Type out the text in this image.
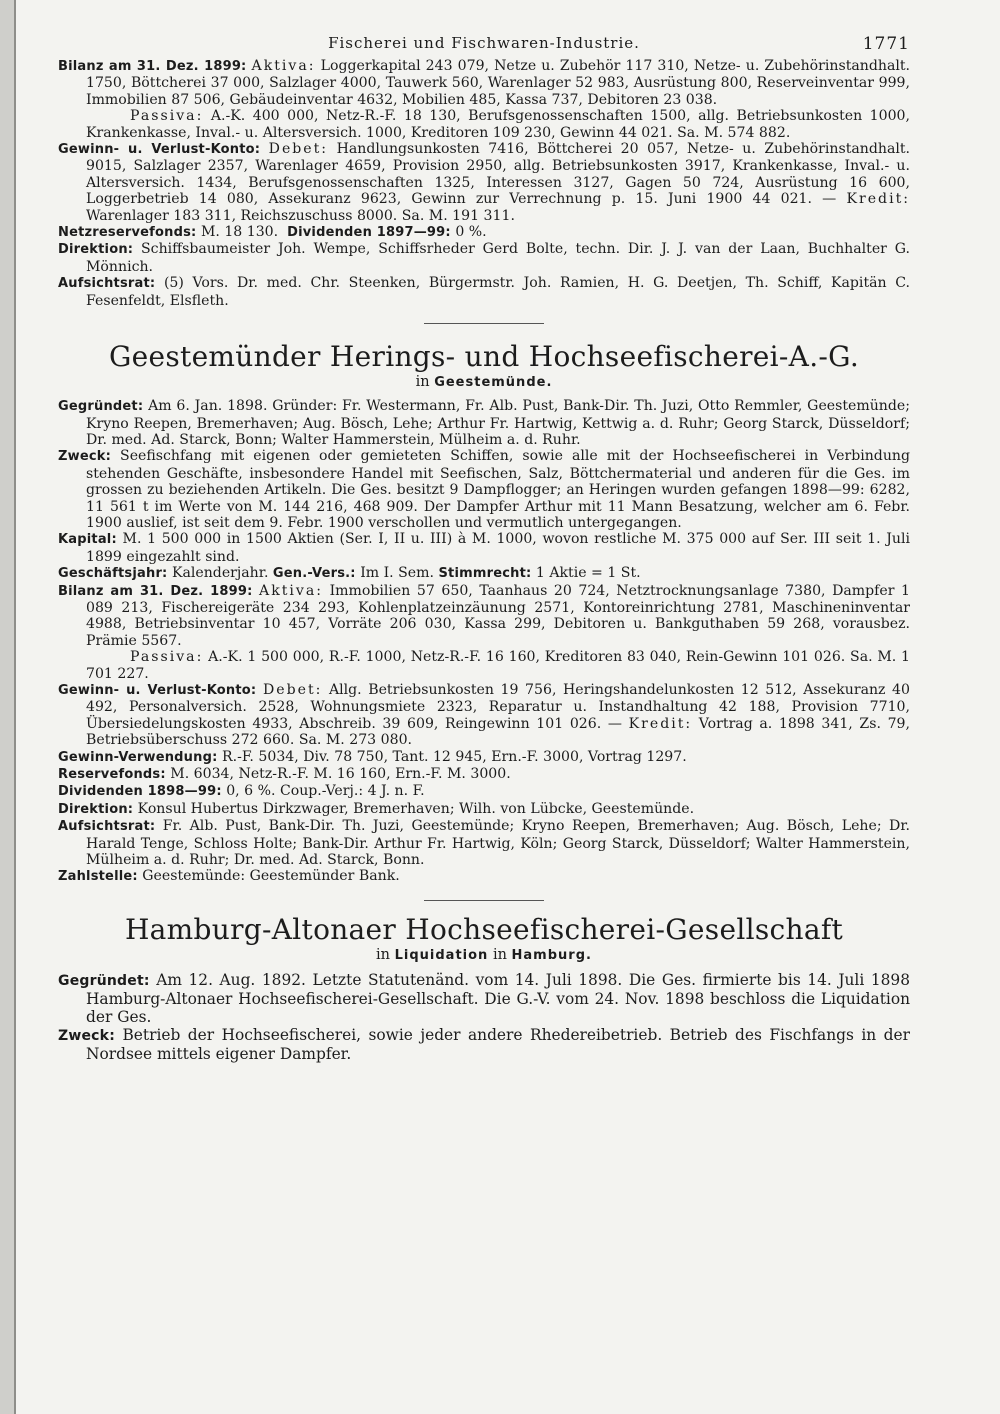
Fischerei und Fischwaren-Industrie.	1771

Bilanz am 31. Dez. 1899: Aktiva: Loggerkapital 243 079, Netze u. Zubehör 117 310, Netze- u. Zubehörinstandhalt. 1750, Böttcherei 37 000, Salzlager 4000, Tauwerk 560, Warenlager 52 983, Ausrüstung 800, Reserveinventar 999, Immobilien 87 506, Gebäudeinventar 4632, Mobilien 485, Kassa 737, Debitoren 23 038.

Passiva: A.-K. 400 000, Netz-R.-F. 18 130, Berufsgenossenschaften 1500, allg. Betriebsunkosten 1000, Krankenkasse, Inval.- u. Altersversich. 1000, Kreditoren 109 230, Gewinn 44 021. Sa. M. 574 882.

Gewinn- u. Verlust-Konto: Debet: Handlungsunkosten 7416, Böttcherei 20 057, Netze- u. Zubehörinstandhalt. 9015, Salzlager 2357, Warenlager 4659, Provision 2950, allg. Betriebsunkosten 3917, Krankenkasse, Inval.- u. Altersversich. 1434, Berufsgenossenschaften 1325, Interessen 3127, Gagen 50 724, Ausrüstung 16 600, Loggerbetrieb 14 080, Assekuranz 9623, Gewinn zur Verrechnung p. 15. Juni 1900 44 021. — Kredit: Warenlager 183 311, Reichszuschuss 8000. Sa. M. 191 311.

Netzreservefonds: M. 18 130. Dividenden 1897—99: 0 %.

Direktion: Schiffsbaumeister Joh. Wempe, Schiffsrheder Gerd Bolte, techn. Dir. J. J. van der Laan, Buchhalter G. Mönnich.

Aufsichtsrat: (5) Vors. Dr. med. Chr. Steenken, Bürgermstr. Joh. Ramien, H. G. Deetjen, Th. Schiff, Kapitän C. Fesenfeldt, Elsfleth.

Geestemünder Herings- und Hochseefischerei-A.-G.

in Geestemünde.

Gegründet: Am 6. Jan. 1898. Gründer: Fr. Westermann, Fr. Alb. Pust, Bank-Dir. Th. Juzi, Otto Remmler, Geestemünde; Kryno Reepen, Bremerhaven; Aug. Bösch, Lehe; Arthur Fr. Hartwig, Kettwig a. d. Ruhr; Georg Starck, Düsseldorf; Dr. med. Ad. Starck, Bonn; Walter Hammerstein, Mülheim a. d. Ruhr.

Zweck: Seefischfang mit eigenen oder gemieteten Schiffen, sowie alle mit der Hochseefischerei in Verbindung stehenden Geschäfte, insbesondere Handel mit Seefischen, Salz, Böttchermaterial und anderen für die Ges. im grossen zu beziehenden Artikeln. Die Ges. besitzt 9 Dampflogger; an Heringen wurden gefangen 1898—99: 6282, 11 561 t im Werte von M. 144 216, 468 909. Der Dampfer Arthur mit 11 Mann Besatzung, welcher am 6. Febr. 1900 auslief, ist seit dem 9. Febr. 1900 verschollen und vermutlich untergegangen.

Kapital: M. 1 500 000 in 1500 Aktien (Ser. I, II u. III) à M. 1000, wovon restliche M. 375 000 auf Ser. III seit 1. Juli 1899 eingezahlt sind.

Geschäftsjahr: Kalenderjahr. Gen.-Vers.: Im I. Sem. Stimmrecht: 1 Aktie = 1 St.

Bilanz am 31. Dez. 1899: Aktiva: Immobilien 57 650, Taanhaus 20 724, Netztrocknungsanlage 7380, Dampfer 1 089 213, Fischereigeräte 234 293, Kohlenplatzeinzäunung 2571, Kontoreinrichtung 2781, Maschineninventar 4988, Betriebsinventar 10 457, Vorräte 206 030, Kassa 299, Debitoren u. Bankguthaben 59 268, vorausbez. Prämie 5567.

Passiva: A.-K. 1 500 000, R.-F. 1000, Netz-R.-F. 16 160, Kreditoren 83 040, Rein-Gewinn 101 026. Sa. M. 1 701 227.

Gewinn- u. Verlust-Konto: Debet: Allg. Betriebsunkosten 19 756, Heringshandelunkosten 12 512, Assekuranz 40 492, Personalversich. 2528, Wohnungsmiete 2323, Reparatur u. Instandhaltung 42 188, Provision 7710, Übersiedelungskosten 4933, Abschreib. 39 609, Reingewinn 101 026. — Kredit: Vortrag a. 1898 341, Zs. 79, Betriebsüberschuss 272 660. Sa. M. 273 080.

Gewinn-Verwendung: R.-F. 5034, Div. 78 750, Tant. 12 945, Ern.-F. 3000, Vortrag 1297.

Reservefonds: M. 6034, Netz-R.-F. M. 16 160, Ern.-F. M. 3000.

Dividenden 1898—99: 0, 6 %. Coup.-Verj.: 4 J. n. F.

Direktion: Konsul Hubertus Dirkzwager, Bremerhaven; Wilh. von Lübcke, Geestemünde.

Aufsichtsrat: Fr. Alb. Pust, Bank-Dir. Th. Juzi, Geestemünde; Kryno Reepen, Bremerhaven; Aug. Bösch, Lehe; Dr. Harald Tenge, Schloss Holte; Bank-Dir. Arthur Fr. Hartwig, Köln; Georg Starck, Düsseldorf; Walter Hammerstein, Mülheim a. d. Ruhr; Dr. med. Ad. Starck, Bonn.

Zahlstelle: Geestemünde: Geestemünder Bank.

Hamburg-Altonaer Hochseefischerei-Gesellschaft

in Liquidation in Hamburg.

Gegründet: Am 12. Aug. 1892. Letzte Statutenänd. vom 14. Juli 1898. Die Ges. firmierte bis 14. Juli 1898 Hamburg-Altonaer Hochseefischerei-Gesellschaft. Die G.-V. vom 24. Nov. 1898 beschloss die Liquidation der Ges.

Zweck: Betrieb der Hochseefischerei, sowie jeder andere Rhedereibetrieb. Betrieb des Fischfangs in der Nordsee mittels eigener Dampfer.
